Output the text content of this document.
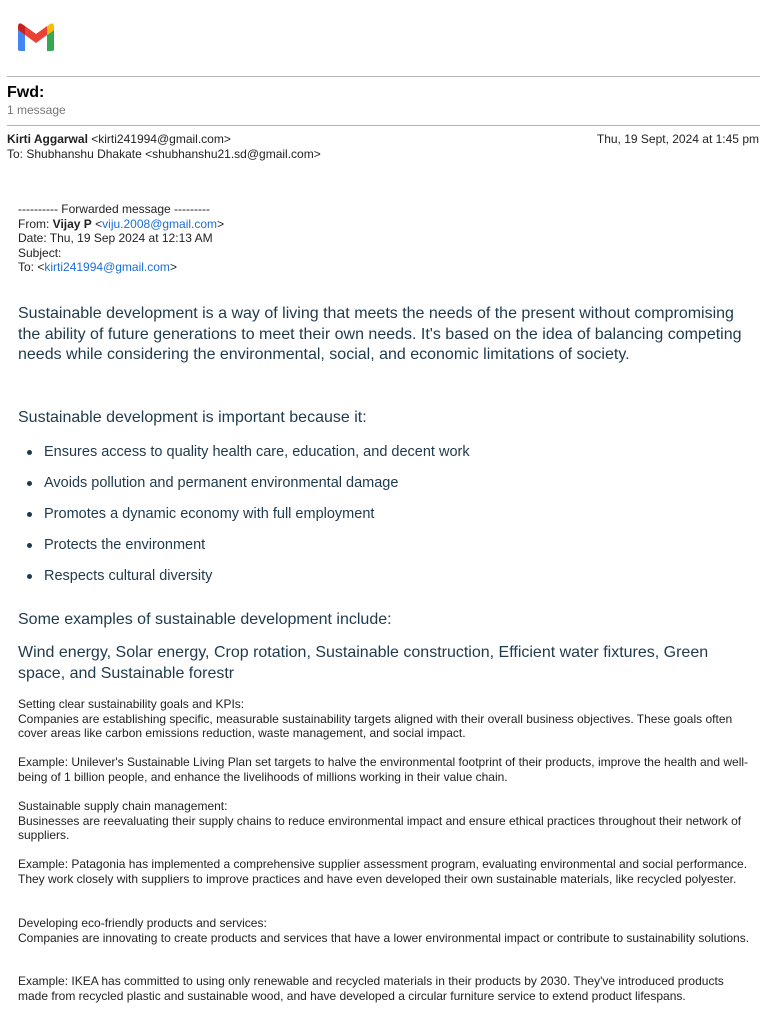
Fwd:
1 message
Kirti Aggarwal <kirti241994@gmail.com>
To: Shubhanshu Dhakate <shubhanshu21.sd@gmail.com>
Thu, 19 Sept, 2024 at 1:45 pm
---------- Forwarded message ---------
From: Vijay P <viju.2008@gmail.com>
Date: Thu, 19 Sep 2024 at 12:13 AM
Subject:
To: <kirti241994@gmail.com>
Sustainable development is a way of living that meets the needs of the present without compromising the ability of future generations to meet their own needs. It's based on the idea of balancing competing needs while considering the environmental, social, and economic limitations of society.
Sustainable development is important because it:
Ensures access to quality health care, education, and decent work
Avoids pollution and permanent environmental damage
Promotes a dynamic economy with full employment
Protects the environment
Respects cultural diversity
Some examples of sustainable development include:
Wind energy, Solar energy, Crop rotation, Sustainable construction, Efficient water fixtures, Green space, and Sustainable forestr
Setting clear sustainability goals and KPIs:
Companies are establishing specific, measurable sustainability targets aligned with their overall business objectives. These goals often cover areas like carbon emissions reduction, waste management, and social impact.
Example: Unilever's Sustainable Living Plan set targets to halve the environmental footprint of their products, improve the health and well-being of 1 billion people, and enhance the livelihoods of millions working in their value chain.
Sustainable supply chain management:
Businesses are reevaluating their supply chains to reduce environmental impact and ensure ethical practices throughout their network of suppliers.
Example: Patagonia has implemented a comprehensive supplier assessment program, evaluating environmental and social performance. They work closely with suppliers to improve practices and have even developed their own sustainable materials, like recycled polyester.
Developing eco-friendly products and services:
Companies are innovating to create products and services that have a lower environmental impact or contribute to sustainability solutions.
Example: IKEA has committed to using only renewable and recycled materials in their products by 2030. They've introduced products made from recycled plastic and sustainable wood, and have developed a circular furniture service to extend product lifespans.
